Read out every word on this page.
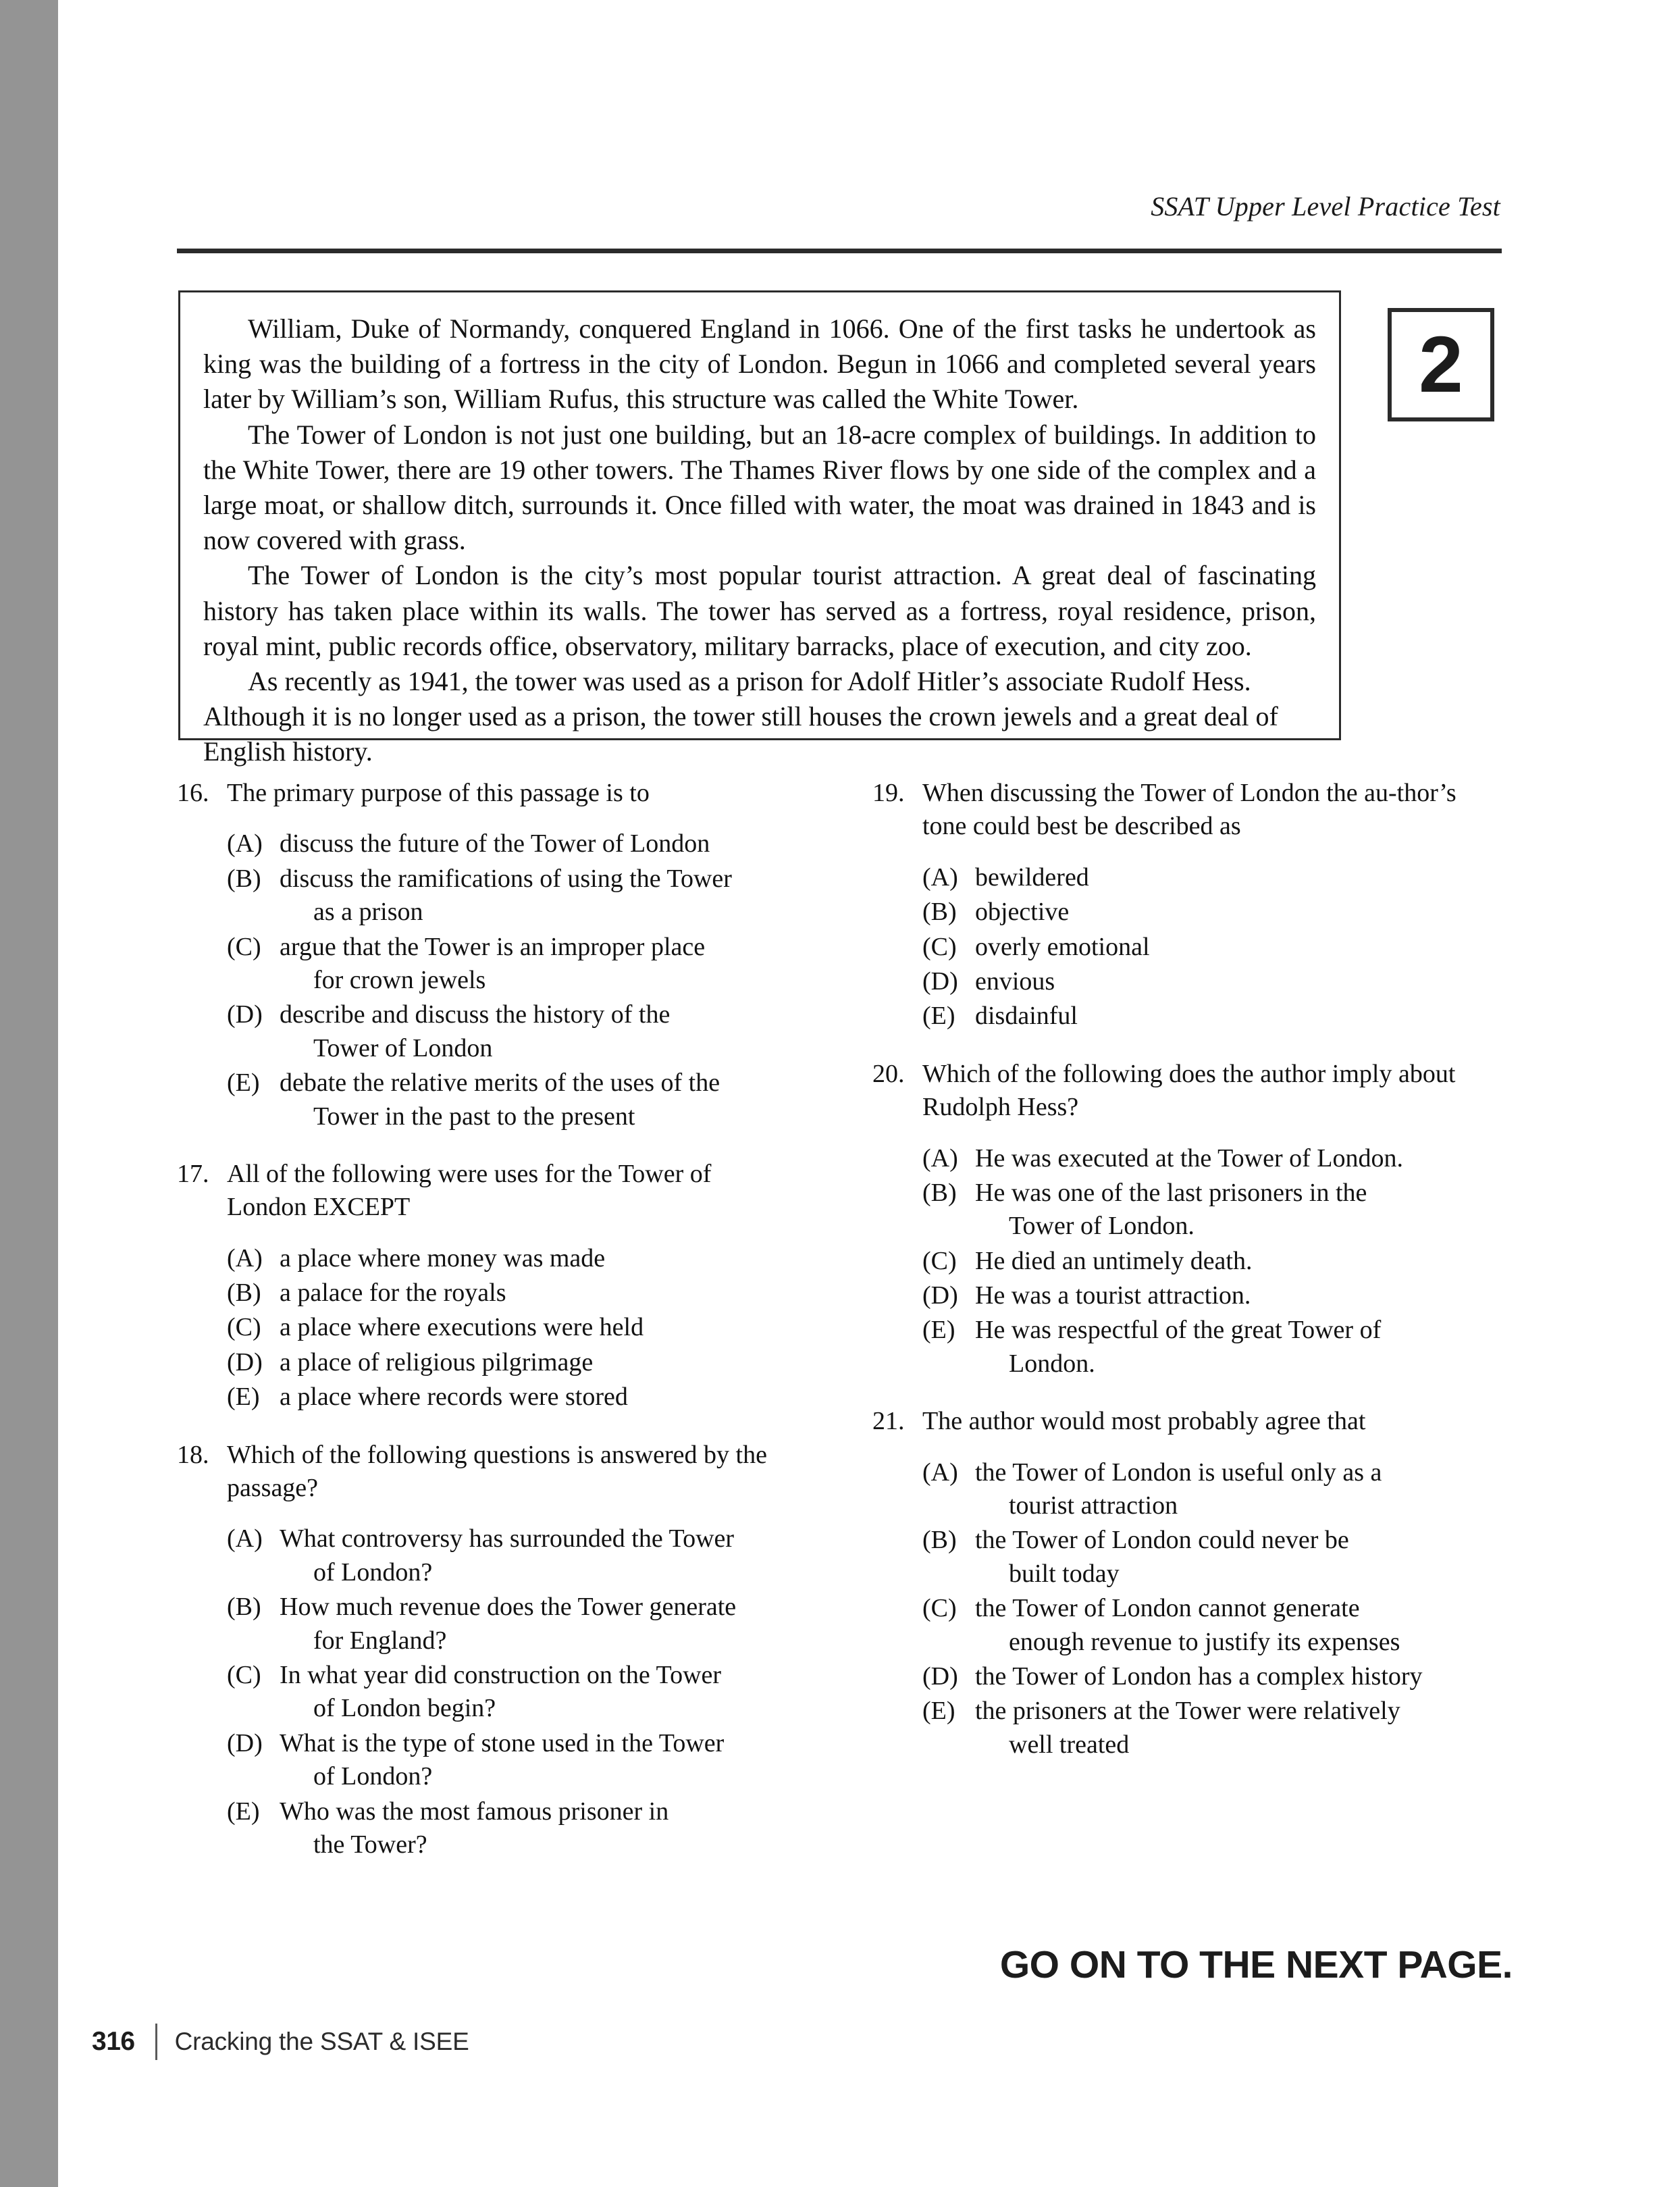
SSAT Upper Level Practice Test

William, Duke of Normandy, conquered England in 1066. One of the first tasks he undertook as king was the building of a fortress in the city of London. Begun in 1066 and completed several years later by William’s son, William Rufus, this structure was called the White Tower.

The Tower of London is not just one building, but an 18-acre complex of buildings. In addition to the White Tower, there are 19 other towers. The Thames River flows by one side of the complex and a large moat, or shallow ditch, surrounds it. Once filled with water, the moat was drained in 1843 and is now covered with grass.

The Tower of London is the city’s most popular tourist attraction. A great deal of fascinating history has taken place within its walls. The tower has served as a fortress, royal residence, prison, royal mint, public records office, observatory, military barracks, place of execution, and city zoo.

As recently as 1941, the tower was used as a prison for Adolf Hitler’s associate Rudolf Hess. Although it is no longer used as a prison, the tower still houses the crown jewels and a great deal of English history.

2
16. The primary purpose of this passage is to
(A) discuss the future of the Tower of London
(B) discuss the ramifications of using the Tower
as a prison
(C) argue that the Tower is an improper place
for crown jewels
(D) describe and discuss the history of the
Tower of London
(E) debate the relative merits of the uses of the
Tower in the past to the present
17. All of the following were uses for the Tower of London EXCEPT
(A) a place where money was made
(B) a palace for the royals
(C) a place where executions were held
(D) a place of religious pilgrimage
(E) a place where records were stored
18. Which of the following questions is answered by the passage?
(A) What controversy has surrounded the Tower
of London?
(B) How much revenue does the Tower generate
for England?
(C) In what year did construction on the Tower
of London begin?
(D) What is the type of stone used in the Tower
of London?
(E) Who was the most famous prisoner in
the Tower?
19. When discussing the Tower of London the au-thor’s tone could best be described as
(A) bewildered
(B) objective
(C) overly emotional
(D) envious
(E) disdainful
20. Which of the following does the author imply about Rudolph Hess?
(A) He was executed at the Tower of London.
(B) He was one of the last prisoners in the
Tower of London.
(C) He died an untimely death.
(D) He was a tourist attraction.
(E) He was respectful of the great Tower of
London.
21. The author would most probably agree that
(A) the Tower of London is useful only as a
tourist attraction
(B) the Tower of London could never be
built today
(C) the Tower of London cannot generate
enough revenue to justify its expenses
(D) the Tower of London has a complex history
(E) the prisoners at the Tower were relatively
well treated
GO ON TO THE NEXT PAGE.
316 Cracking the SSAT & ISEE
